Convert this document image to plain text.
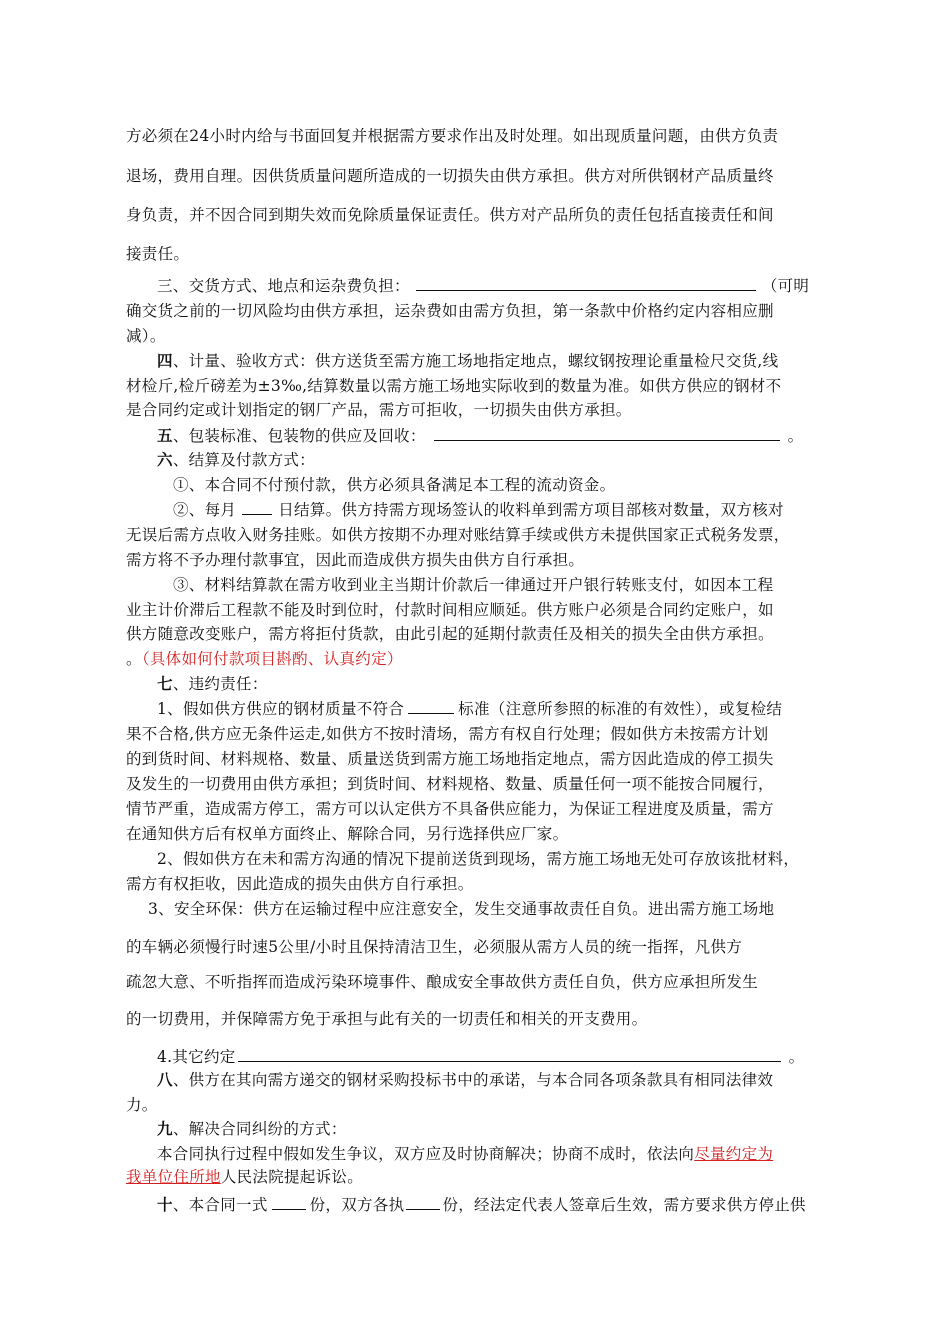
方必须在24小时内给与书面回复并根据需方要求作出及时处理。如出现质量问题，由供方负责
退场，费用自理。因供货质量问题所造成的一切损失由供方承担。供方对所供钢材产品质量终
身负责，并不因合同到期失效而免除质量保证责任。供方对产品所负的责任包括直接责任和间
接责任。
三、交货方式、地点和运杂费负担：	（可明
确交货之前的一切风险均由供方承担，运杂费如由需方负担，第一条款中价格约定内容相应删
减）。
四、计量、验收方式：供方送货至需方施工场地指定地点，螺纹钢按理论重量检尺交货,线
材检斤,检斤磅差为±3‰,结算数量以需方施工场地实际收到的数量为准。如供方供应的钢材不
是合同约定或计划指定的钢厂产品，需方可拒收，一切损失由供方承担。
五、包装标准、包装物的供应及回收：	。
六、结算及付款方式：
①、本合同不付预付款，供方必须具备满足本工程的流动资金。
②、每月	日结算。供方持需方现场签认的收料单到需方项目部核对数量，双方核对
无误后需方点收入财务挂账。如供方按期不办理对账结算手续或供方未提供国家正式税务发票，
需方将不予办理付款事宜，因此而造成供方损失由供方自行承担。
③、材料结算款在需方收到业主当期计价款后一律通过开户银行转账支付，如因本工程
业主计价滞后工程款不能及时到位时，付款时间相应顺延。供方账户必须是合同约定账户，如
供方随意改变账户，需方将拒付货款，由此引起的延期付款责任及相关的损失全由供方承担。
。（具体如何付款项目斟酌、认真约定）
七、违约责任：
1、假如供方供应的钢材质量不符合	标准（注意所参照的标准的有效性），或复检结
果不合格,供方应无条件运走,如供方不按时清场，需方有权自行处理；假如供方未按需方计划
的到货时间、材料规格、数量、质量送货到需方施工场地指定地点，需方因此造成的停工损失
及发生的一切费用由供方承担；到货时间、材料规格、数量、质量任何一项不能按合同履行，
情节严重，造成需方停工，需方可以认定供方不具备供应能力，为保证工程进度及质量，需方
在通知供方后有权单方面终止、解除合同，另行选择供应厂家。
2、假如供方在未和需方沟通的情况下提前送货到现场，需方施工场地无处可存放该批材料，
需方有权拒收，因此造成的损失由供方自行承担。
3、安全环保：供方在运输过程中应注意安全，发生交通事故责任自负。进出需方施工场地
的车辆必须慢行时速5公里/小时且保持清洁卫生，必须服从需方人员的统一指挥，凡供方
疏忽大意、不听指挥而造成污染环境事件、酿成安全事故供方责任自负，供方应承担所发生
的一切费用，并保障需方免于承担与此有关的一切责任和相关的开支费用。
4.其它约定	。
八、供方在其向需方递交的钢材采购投标书中的承诺，与本合同各项条款具有相同法律效
力。
九、解决合同纠纷的方式：
本合同执行过程中假如发生争议，双方应及时协商解决；协商不成时，依法向尽量约定为
我单位住所地人民法院提起诉讼。
十、本合同一式	份，双方各执 份，经法定代表人签章后生效，需方要求供方停止供
